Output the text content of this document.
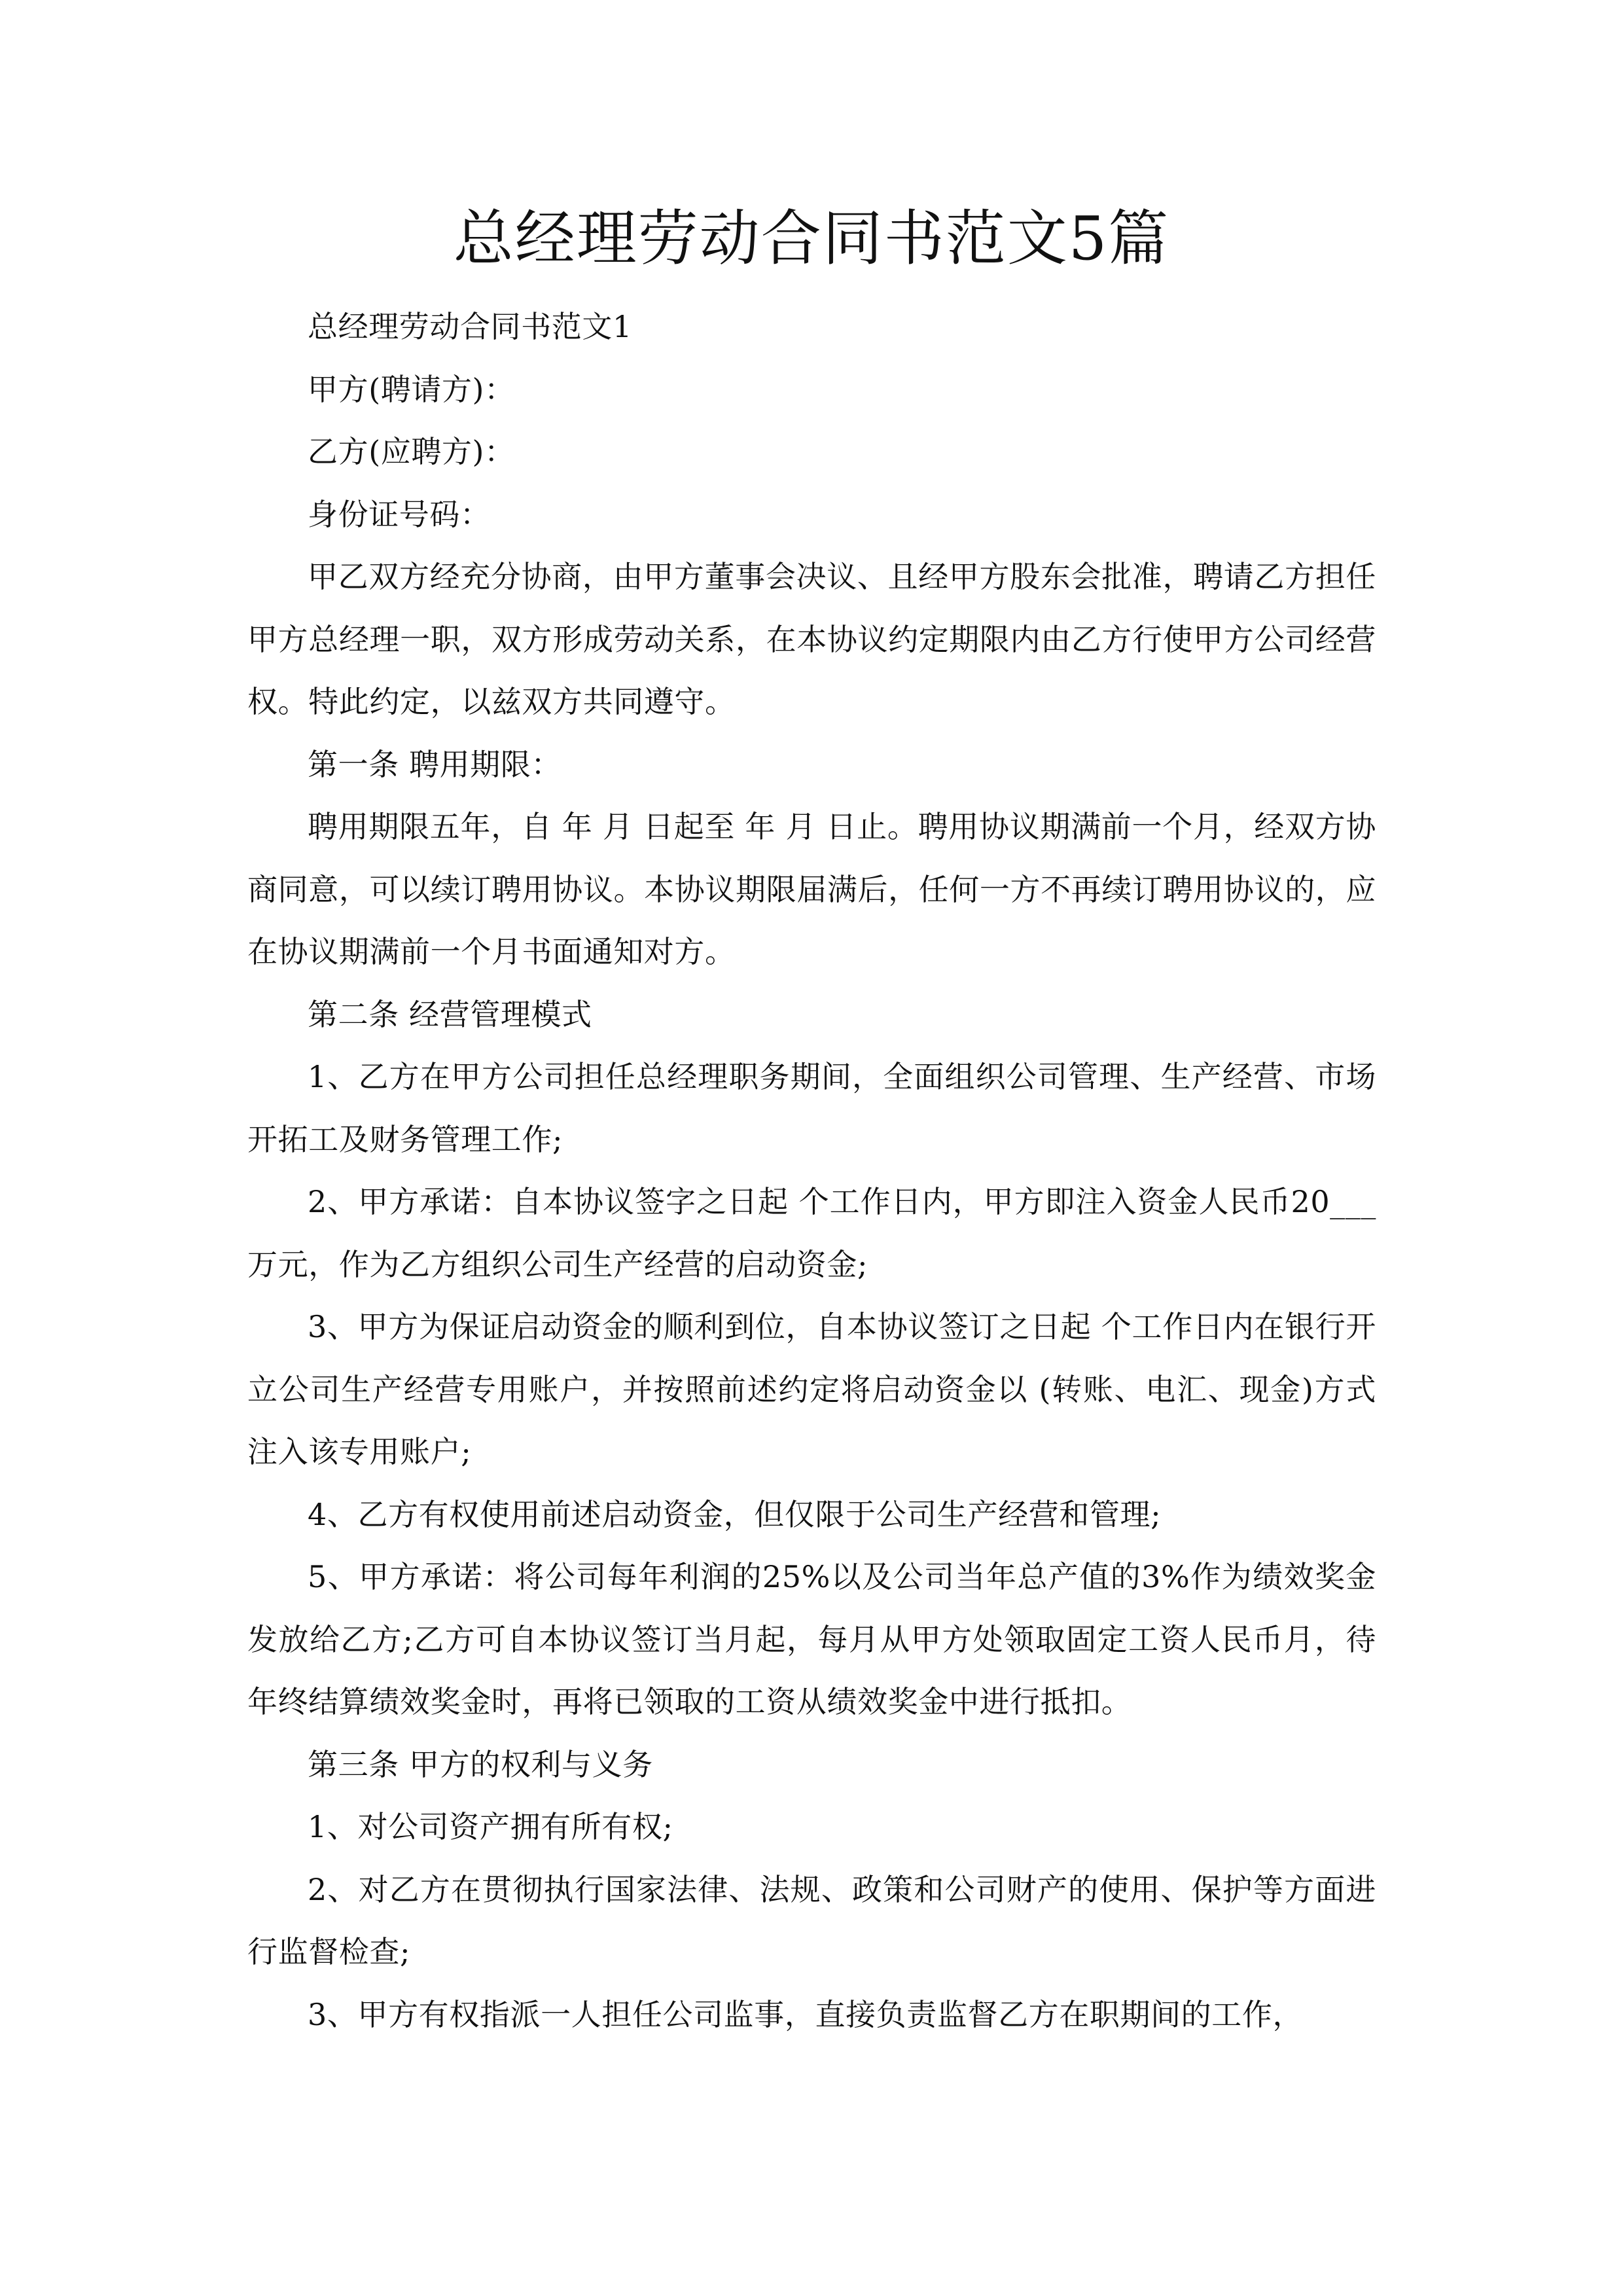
总经理劳动合同书范文5篇

总经理劳动合同书范文1

甲方(聘请方)：

乙方(应聘方)：

身份证号码：

甲乙双方经充分协商，由甲方董事会决议、且经甲方股东会批准，聘请乙方担任甲方总经理一职，双方形成劳动关系，在本协议约定期限内由乙方行使甲方公司经营权。特此约定，以兹双方共同遵守。

第一条 聘用期限：

聘用期限五年，自 年 月 日起至 年 月 日止。聘用协议期满前一个月，经双方协商同意，可以续订聘用协议。本协议期限届满后，任何一方不再续订聘用协议的，应在协议期满前一个月书面通知对方。

第二条 经营管理模式

1、乙方在甲方公司担任总经理职务期间，全面组织公司管理、生产经营、市场开拓工及财务管理工作;

2、甲方承诺：自本协议签字之日起 个工作日内，甲方即注入资金人民币20___万元，作为乙方组织公司生产经营的启动资金;

3、甲方为保证启动资金的顺利到位，自本协议签订之日起 个工作日内在银行开立公司生产经营专用账户，并按照前述约定将启动资金以 (转账、电汇、现金)方式注入该专用账户;

4、乙方有权使用前述启动资金，但仅限于公司生产经营和管理;

5、甲方承诺：将公司每年利润的25%以及公司当年总产值的3%作为绩效奖金发放给乙方;乙方可自本协议签订当月起，每月从甲方处领取固定工资人民币月，待年终结算绩效奖金时，再将已领取的工资从绩效奖金中进行抵扣。

第三条 甲方的权利与义务

1、对公司资产拥有所有权;

2、对乙方在贯彻执行国家法律、法规、政策和公司财产的使用、保护等方面进行监督检查;

3、甲方有权指派一人担任公司监事，直接负责监督乙方在职期间的工作，
